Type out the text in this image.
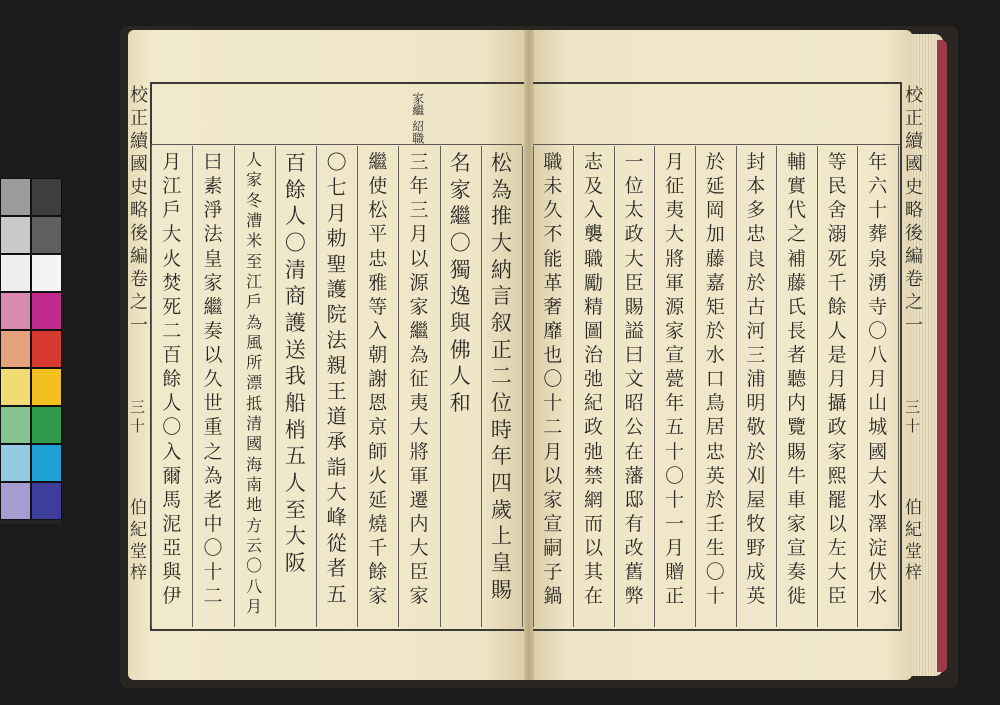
校
正
續
國
史
略
後
編
卷
之
一
三
十
伯
紀
堂
梓
校
正
續
國
史
略
後
編
卷
之
一
三
十
伯
紀
堂
梓
家繼 紹職
松
為
推
大
納
言
叙
正
二
位
時
年
四
歲
上
皇
賜
名
家
繼
〇
獨
逸
與
佛
人
和
三
年
三
月
以
源
家
繼
為
征
夷
大
將
軍
遷
内
大
臣
家
繼
使
松
平
忠
雅
等
入
朝
謝
恩
京
師
火
延
燒
千
餘
家
〇
七
月
勅
聖
護
院
法
親
王
道
承
詣
大
峰
從
者
五
百
餘
人
〇
清
商
護
送
我
船
梢
五
人
至
大
阪
人
家
冬
漕
米
至
江
戶
為
風
所
漂
抵
清
國
海
南
地
方
云
〇
八
月
曰
素
淨
法
皇
家
繼
奏
以
久
世
重
之
為
老
中
〇
十
二
月
江
戶
大
火
焚
死
二
百
餘
人
〇
入
爾
馬
泥
亞
與
伊
年
六
十
葬
泉
湧
寺
〇
八
月
山
城
國
大
水
澤
淀
伏
水
等
民
舍
溺
死
千
餘
人
是
月
攝
政
家
熙
罷
以
左
大
臣
輔
實
代
之
補
藤
氏
長
者
聽
内
覽
賜
牛
車
家
宣
奏
徙
封
本
多
忠
良
於
古
河
三
浦
明
敬
於
刈
屋
牧
野
成
英
於
延
岡
加
藤
嘉
矩
於
水
口
鳥
居
忠
英
於
壬
生
〇
十
月
征
夷
大
將
軍
源
家
宣
甍
年
五
十
〇
十
一
月
贈
正
一
位
太
政
大
臣
賜
謚
曰
文
昭
公
在
藩
邸
有
改
舊
弊
志
及
入
襲
職
勵
精
圖
治
弛
紀
政
弛
禁
網
而
以
其
在
職
未
久
不
能
革
奢
靡
也
〇
十
二
月
以
家
宣
嗣
子
鍋
